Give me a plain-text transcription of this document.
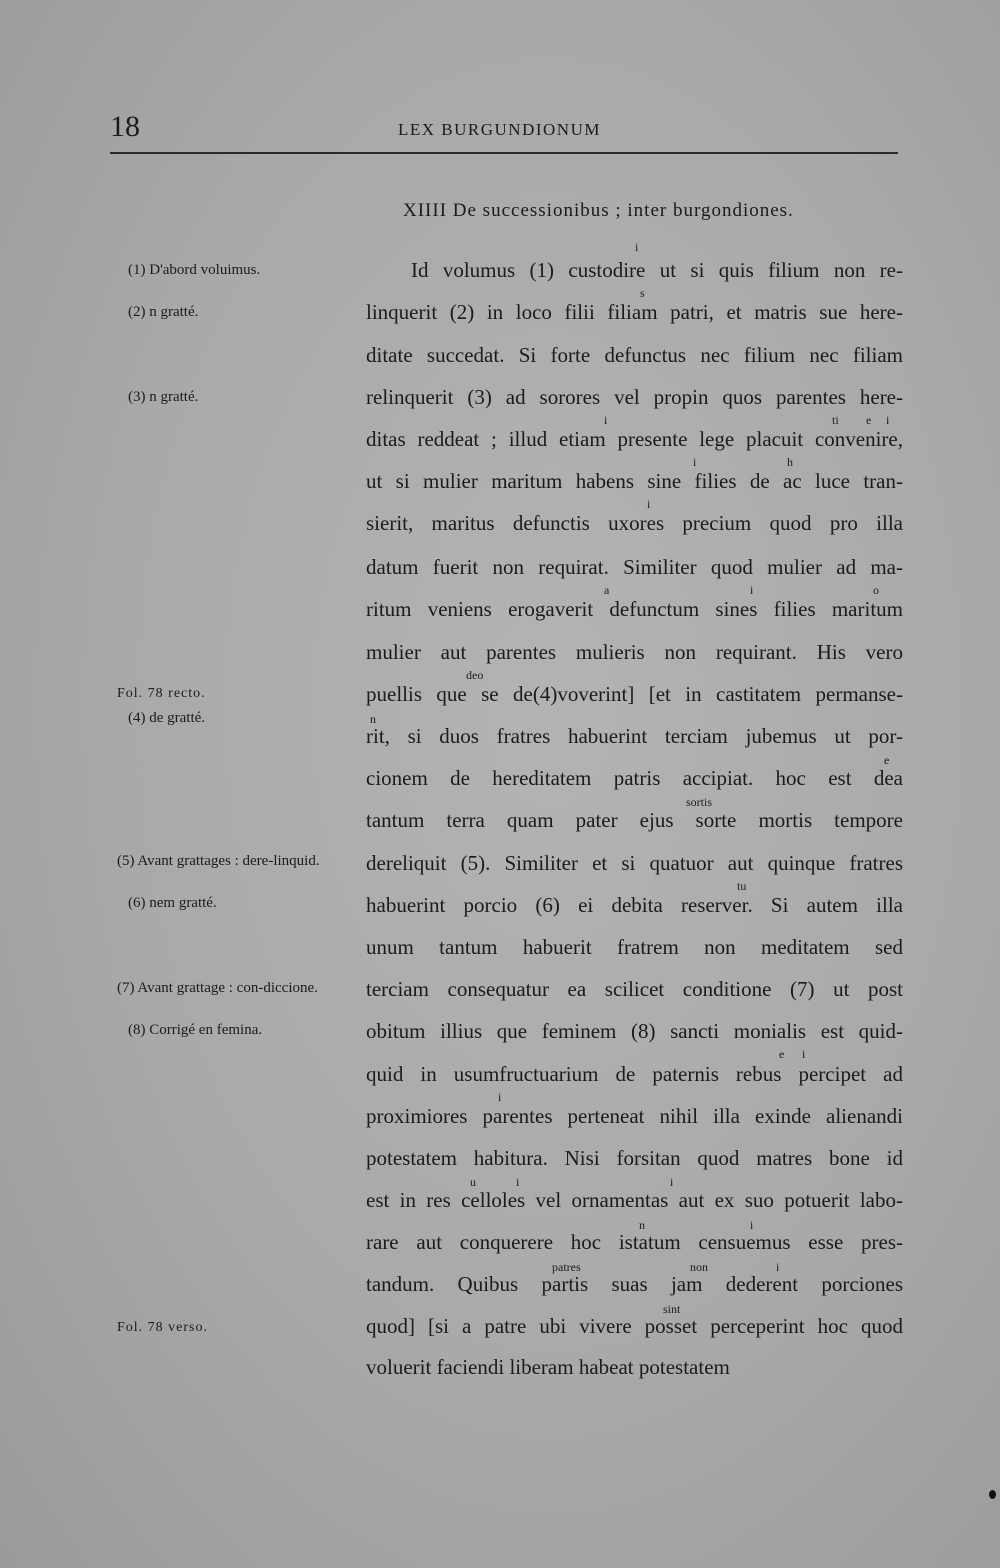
18	LEX BURGUNDIONUM
XIIII De successionibus ; inter burgondiones.
(1) D'abord voluimus.
(2) n gratté.
(3) n gratté.
Fol. 78 recto.
(4) de gratté.
(5) Avant grattages : dere-linquid.
(6) nem gratté.
(7) Avant grattage : con-diccione.
(8) Corrigé en femina.
Fol. 78 verso.
i
s
i	ti e i
i	h
i
a	i	o
deo
n
e
sortis
tu
e i
i
u	i	i
n	i
patres	non	i
sint
Id volumus (1) custodire ut si quis filium non re-
linquerit (2) in loco filii filiam patri, et matris sue here-
ditate succedat. Si forte defunctus nec filium nec filiam
relinquerit (3) ad sorores vel propin quos parentes here-
ditas reddeat ; illud etiam presente lege placuit convenire,
ut si mulier maritum habens sine filies de ac luce tran-
sierit, maritus defunctis uxores precium quod pro illa
datum fuerit non requirat. Similiter quod mulier ad ma-
ritum veniens erogaverit defunctum sines filies maritum
mulier aut parentes mulieris non requirant. His vero
puellis que se de(4)voverint] [et in castitatem permanse-
rit, si duos fratres habuerint terciam jubemus ut por-
cionem de hereditatem patris accipiat. hoc est dea
tantum terra quam pater ejus sorte mortis tempore
dereliquit (5). Similiter et si quatuor aut quinque fratres
habuerint porcio (6) ei debita reserver. Si autem illa
unum tantum habuerit fratrem non meditatem sed
terciam consequatur ea scilicet conditione (7) ut post
obitum illius que feminem (8) sancti monialis est quid-
quid in usumfructuarium de paternis rebus percipet ad
proximiores parentes perteneat nihil illa exinde alienandi
potestatem habitura. Nisi forsitan quod matres bone id
est in res celloles vel ornamentas aut ex suo potuerit labo-
rare aut conquerere hoc istatum censuemus esse pres-
tandum. Quibus partis suas jam dederent porciones
quod] [si a patre ubi vivere posset perceperint hoc quod
voluerit faciendi liberam habeat potestatem
